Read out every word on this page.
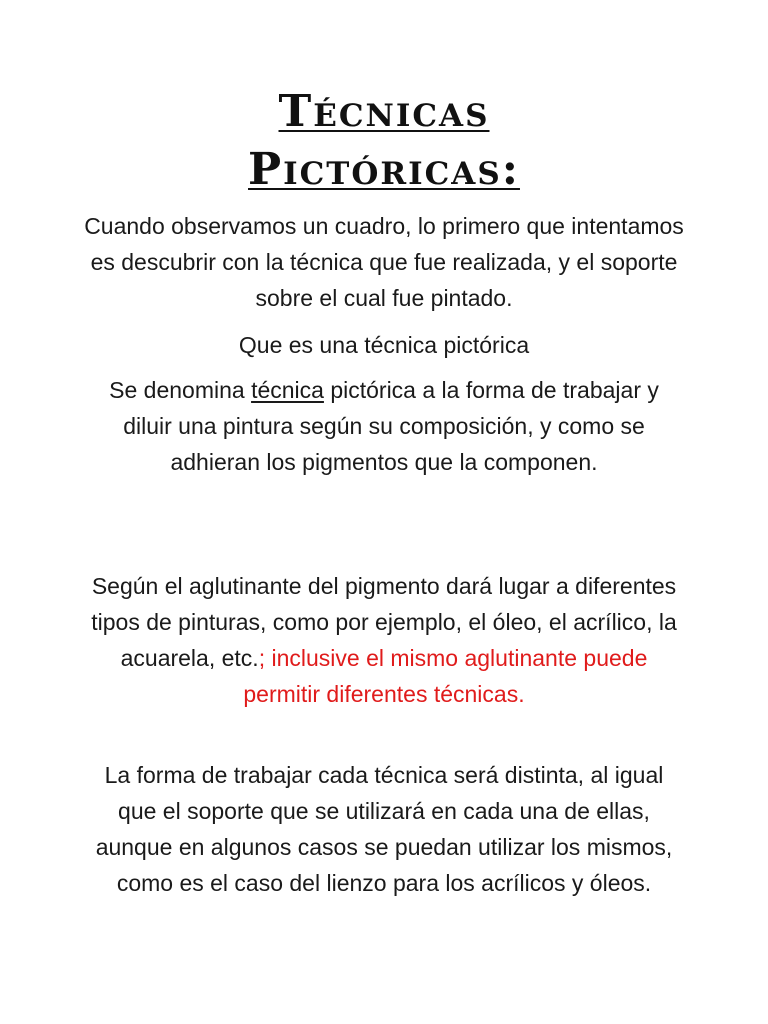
Técnicas
Pictóricas:

Cuando observamos un cuadro, lo primero que intentamos es descubrir con la técnica que fue realizada, y el soporte sobre el cual fue pintado.

Que es una técnica pictórica

Se denomina técnica pictórica a la forma de trabajar y diluir una pintura según su composición, y como se adhieran los pigmentos que la componen.

Según el aglutinante del pigmento dará lugar a diferentes tipos de pinturas, como por ejemplo, el óleo, el acrílico, la acuarela, etc.; inclusive el mismo aglutinante puede permitir diferentes técnicas.

La forma de trabajar cada técnica será distinta, al igual que el soporte que se utilizará en cada una de ellas, aunque en algunos casos se puedan utilizar los mismos, como es el caso del lienzo para los acrílicos y óleos.
